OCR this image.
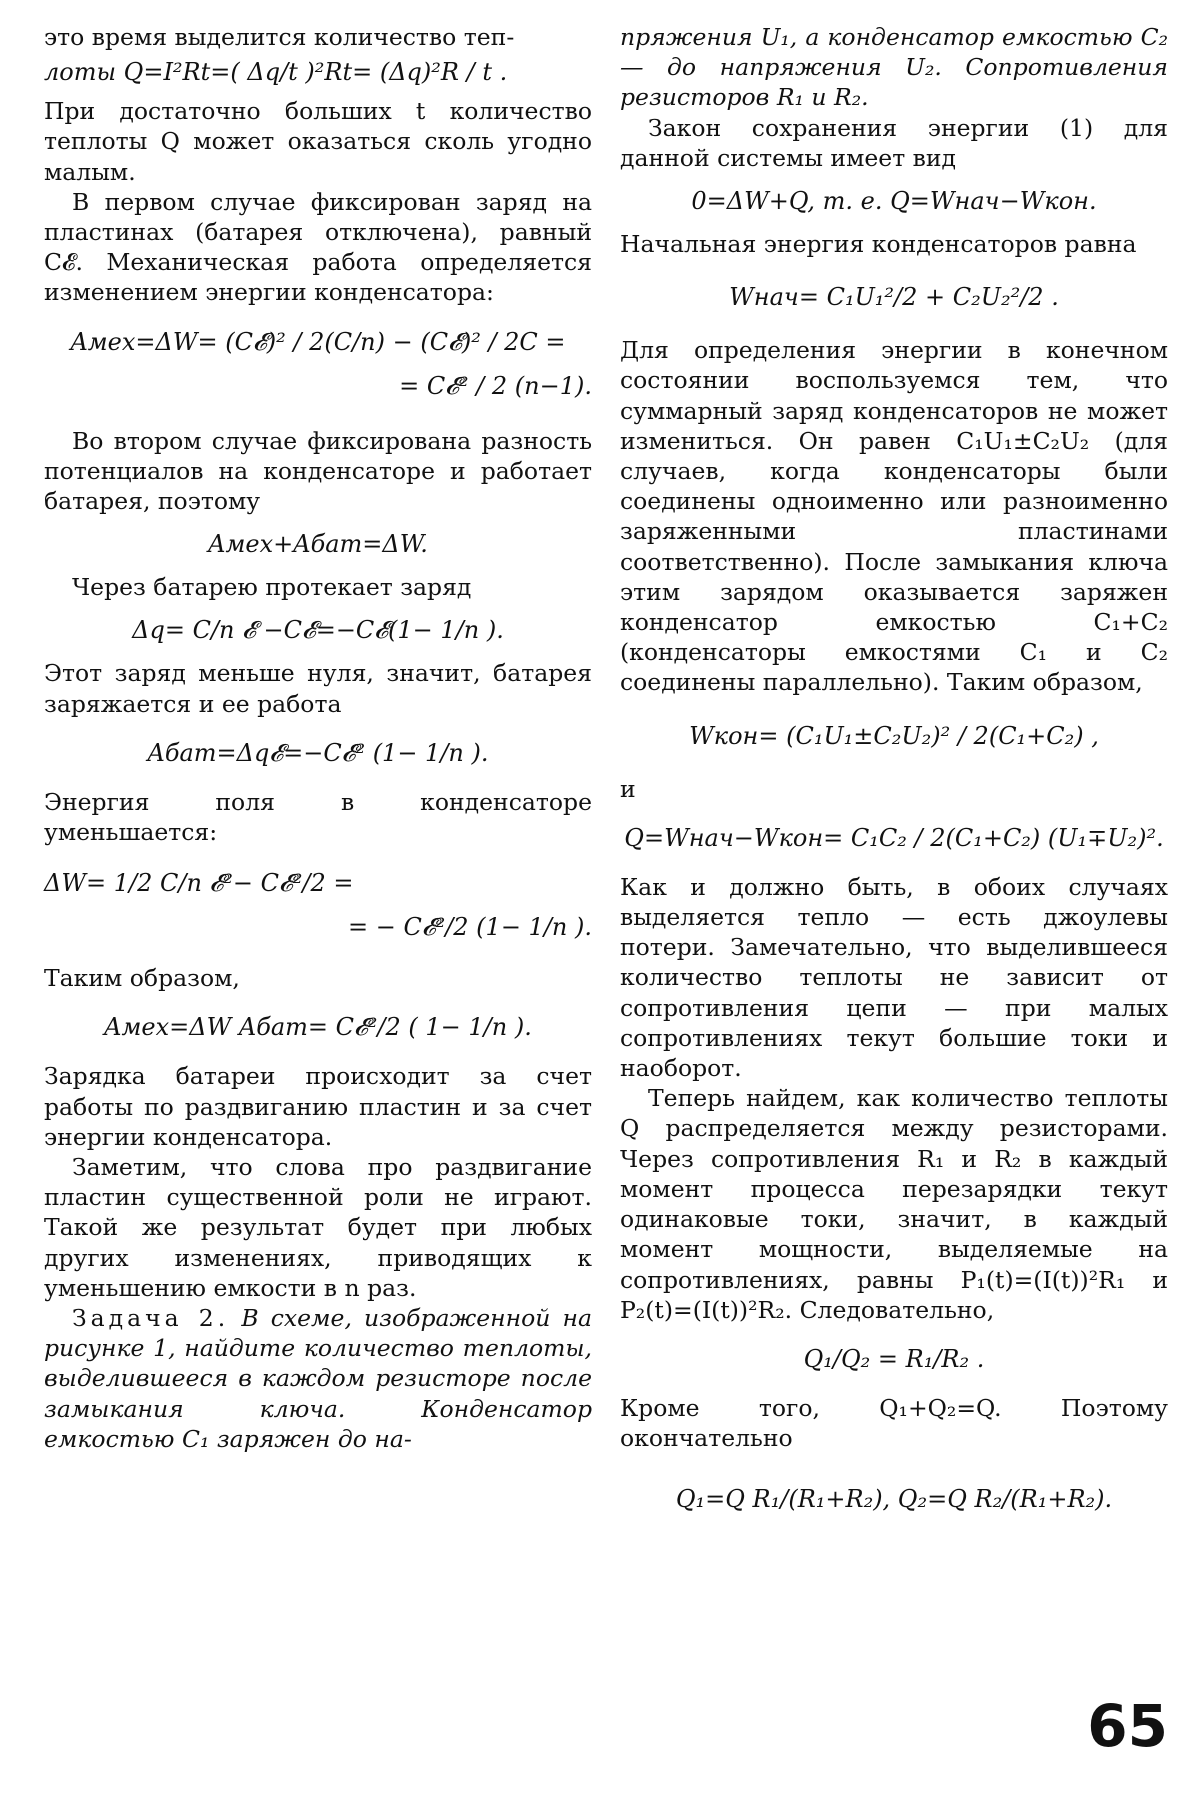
это время выделится количество теп-

лоты Q=I²Rt=( Δq/t )²Rt= (Δq)²R / t .

При достаточно больших t количество теплоты Q может оказаться сколь угодно малым.

В первом случае фиксирован заряд на пластинах (батарея отключена), равный C𝓔. Механическая работа определяется изменением энергии конденсатора:

Aмех=ΔW= (C𝓔)² / 2(C/n) − (C𝓔)² / 2C =
= C𝓔² / 2 (n−1).

Во втором случае фиксирована разность потенциалов на конденсаторе и работает батарея, поэтому

Aмех+Aбат=ΔW.

Через батарею протекает заряд

Δq= C/n 𝓔 −C𝓔=−C𝓔(1− 1/n ).

Этот заряд меньше нуля, значит, батарея заряжается и ее работа

Aбат=Δq𝓔=−C𝓔² (1− 1/n ).

Энергия поля в конденсаторе уменьшается:

ΔW= 1/2 C/n 𝓔²− C𝓔²/2 =
= − C𝓔²/2 (1− 1/n ).

Таким образом,

Aмех=ΔW Aбат= C𝓔²/2 ( 1− 1/n ).

Зарядка батареи происходит за счет работы по раздвиганию пластин и за счет энергии конденсатора.

Заметим, что слова про раздвигание пластин существенной роли не играют. Такой же результат будет при любых других изменениях, приводящих к уменьшению емкости в n раз.

Задача 2. В схеме, изображенной на рисунке 1, найдите количество теплоты, выделившееся в каждом резисторе после замыкания ключа. Конденсатор емкостью C₁ заряжен до на-

пряжения U₁, а конденсатор емкостью C₂ — до напряжения U₂. Сопротивления резисторов R₁ и R₂.

Закон сохранения энергии (1) для данной системы имеет вид

0=ΔW+Q, т. е. Q=Wнач−Wкон.

Начальная энергия конденсаторов равна

Wнач= C₁U₁²/2 + C₂U₂²/2 .

Для определения энергии в конечном состоянии воспользуемся тем, что суммарный заряд конденсаторов не может измениться. Он равен C₁U₁±C₂U₂ (для случаев, когда конденсаторы были соединены одноименно или разноименно заряженными пластинами соответственно). После замыкания ключа этим зарядом оказывается заряжен конденсатор емкостью C₁+C₂ (конденсаторы емкостями C₁ и C₂ соединены параллельно). Таким образом,

Wкон= (C₁U₁±C₂U₂)² / 2(C₁+C₂) ,

и

Q=Wнач−Wкон= C₁C₂ / 2(C₁+C₂) (U₁∓U₂)².

Как и должно быть, в обоих случаях выделяется тепло — есть джоулевы потери. Замечательно, что выделившееся количество теплоты не зависит от сопротивления цепи — при малых сопротивлениях текут большие токи и наоборот.

Теперь найдем, как количество теплоты Q распределяется между резисторами. Через сопротивления R₁ и R₂ в каждый момент процесса перезарядки текут одинаковые токи, значит, в каждый момент мощности, выделяемые на сопротивлениях, равны P₁(t)=(I(t))²R₁ и P₂(t)=(I(t))²R₂. Следовательно,

Q₁/Q₂ = R₁/R₂ .

Кроме того, Q₁+Q₂=Q. Поэтому окончательно

Q₁=Q R₁/(R₁+R₂), Q₂=Q R₂/(R₁+R₂).
65
